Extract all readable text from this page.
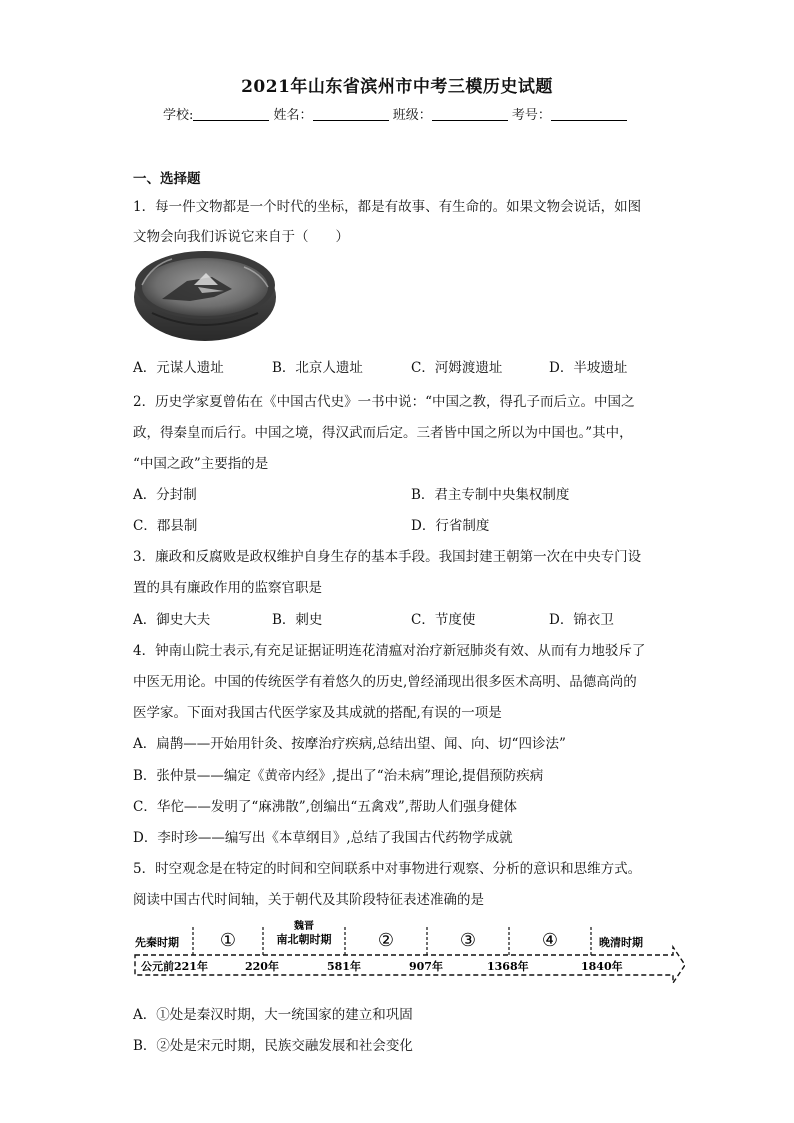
2021年山东省滨州市中考三模历史试题
学校:	姓名：	班级：	考号：
一、选择题
1．每一件文物都是一个时代的坐标，都是有故事、有生命的。如果文物会说话，如图
文物会向我们诉说它来自于（　　）
A．元谋人遗址	B．北京人遗址	C．河姆渡遗址	D．半坡遗址
2．历史学家夏曾佑在《中国古代史》一书中说：“中国之教，得孔子而后立。中国之
政，得秦皇而后行。中国之境，得汉武而后定。三者皆中国之所以为中国也。”其中，
“中国之政”主要指的是
A．分封制	B．君主专制中央集权制度
C．郡县制	D．行省制度
3．廉政和反腐败是政权维护自身生存的基本手段。我国封建王朝第一次在中央专门设
置的具有廉政作用的监察官职是
A．御史大夫	B．刺史	C．节度使	D．锦衣卫
4．钟南山院士表示,有充足证据证明连花清瘟对治疗新冠肺炎有效、从而有力地驳斥了
中医无用论。中国的传统医学有着悠久的历史,曾经涌现出很多医术高明、品德高尚的
医学家。下面对我国古代医学家及其成就的搭配,有误的一项是
A．扁鹊——开始用针灸、按摩治疗疾病,总结出望、闻、向、切“四诊法”
B．张仲景——编定《黄帝内经》,提出了“治未病”理论,提倡预防疾病
C．华佗——发明了“麻沸散”,创编出“五禽戏”,帮助人们强身健体
D．李时珍——编写出《本草纲目》,总结了我国古代药物学成就
5．时空观念是在特定的时间和空间联系中对事物进行观察、分析的意识和思维方式。
阅读中国古代时间轴，关于朝代及其阶段特征表述准确的是
先秦时期 ①
魏晋
南北朝时期	②	③	④	晚清时期
公元前221年	220年	581年	907年	1368年	1840年
A．①处是秦汉时期，大一统国家的建立和巩固
B．②处是宋元时期，民族交融发展和社会变化
